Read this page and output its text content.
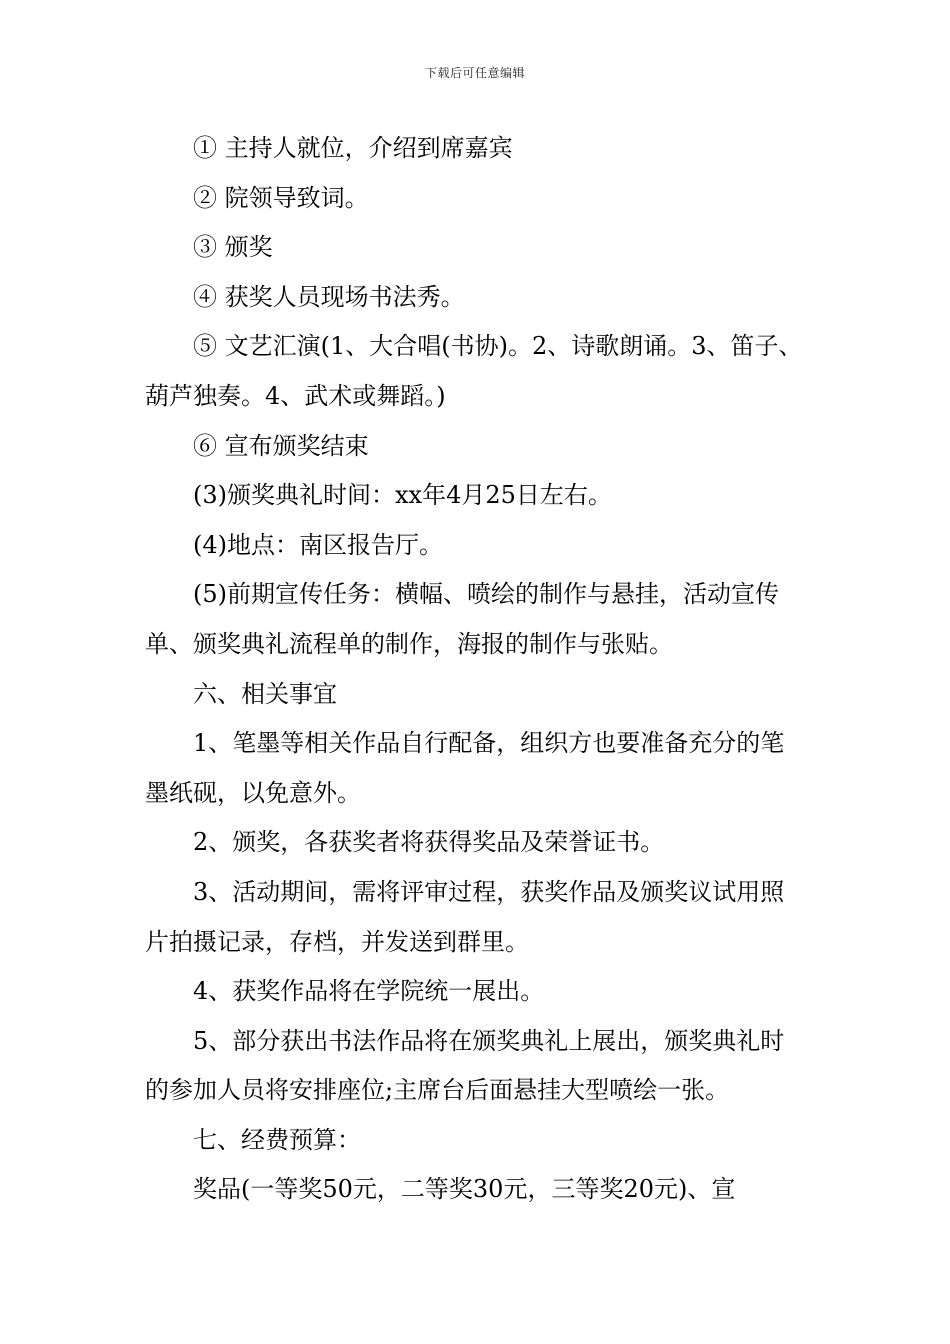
下载后可任意编辑

① 主持人就位，介绍到席嘉宾

② 院领导致词。

③ 颁奖

④ 获奖人员现场书法秀。

⑤ 文艺汇演(1、大合唱(书协)。2、诗歌朗诵。3、笛子、葫芦独奏。4、武术或舞蹈。)

⑥ 宣布颁奖结束

(3)颁奖典礼时间：xx年4月25日左右。

(4)地点：南区报告厅。

(5)前期宣传任务：横幅、喷绘的制作与悬挂，活动宣传单、颁奖典礼流程单的制作，海报的制作与张贴。

六、相关事宜

1、笔墨等相关作品自行配备，组织方也要准备充分的笔墨纸砚，以免意外。

2、颁奖，各获奖者将获得奖品及荣誉证书。

3、活动期间，需将评审过程，获奖作品及颁奖议试用照片拍摄记录，存档，并发送到群里。

4、获奖作品将在学院统一展出。

5、部分获出书法作品将在颁奖典礼上展出，颁奖典礼时的参加人员将安排座位;主席台后面悬挂大型喷绘一张。

七、经费预算：

奖品(一等奖50元，二等奖30元，三等奖20元)、宣
